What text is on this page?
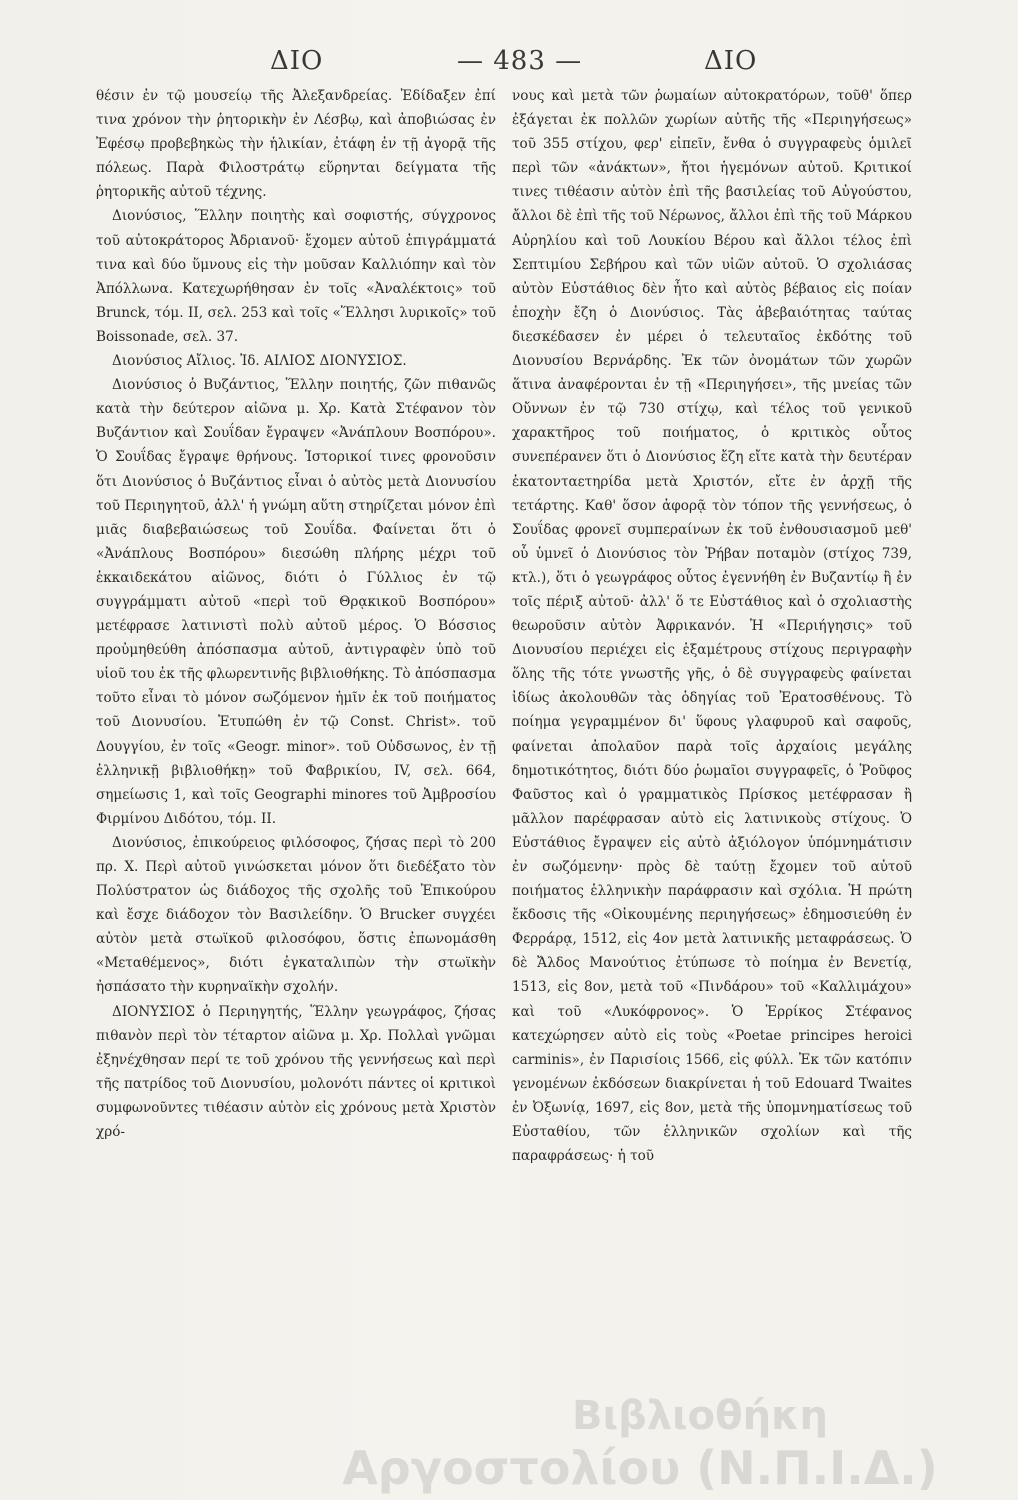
ΔΙΟ	— 483 —	ΔΙΟ

θέσιν ἐν τῷ μουσείῳ τῆς Ἀλεξανδρείας. Ἐδίδαξεν ἐπί τινα χρόνον τὴν ῥητορικὴν ἐν Λέσβῳ, καὶ ἀποβιώσας ἐν Ἐφέσῳ προβεβηκὼς τὴν ἡλικίαν, ἐτάφη ἐν τῇ ἀγορᾷ τῆς πόλεως. Παρὰ Φιλοστράτῳ εὕρηνται δείγματα τῆς ῥητορικῆς αὐτοῦ τέχνης.

Διονύσιος, Ἕλλην ποιητὴς καὶ σοφιστής, σύγχρονος τοῦ αὐτοκράτορος Ἀδριανοῦ· ἔχομεν αὐτοῦ ἐπιγράμματά τινα καὶ δύο ὕμνους εἰς τὴν μοῦσαν Καλλιόπην καὶ τὸν Ἀπόλλωνα. Κατεχωρήθησαν ἐν τοῖς «Ἀναλέκτοις» τοῦ Brunck, τόμ. ΙΙ, σελ. 253 καὶ τοῖς «Ἕλλησι λυρικοῖς» τοῦ Boissonade, σελ. 37.

Διονύσιος Αἴλιος. Ἰδ. ΑΙΛΙΟΣ ΔΙΟΝΥΣΙΟΣ.

Διονύσιος ὁ Βυζάντιος, Ἕλλην ποιητής, ζῶν πιθανῶς κατὰ τὴν δεύτερον αἰῶνα μ. Χρ. Κατὰ Στέφανον τὸν Βυζάντιον καὶ Σουΐδαν ἔγραψεν «Ἀνάπλουν Βοσπόρου». Ὁ Σουΐδας ἔγραψε θρήνους. Ἱστορικοί τινες φρονοῦσιν ὅτι Διονύσιος ὁ Βυζάντιος εἶναι ὁ αὐτὸς μετὰ Διονυσίου τοῦ Περιηγητοῦ, ἀλλ' ἡ γνώμη αὕτη στηρίζεται μόνον ἐπὶ μιᾶς διαβεβαιώσεως τοῦ Σουΐδα. Φαίνεται ὅτι ὁ «Ἀνάπλους Βοσπόρου» διεσώθη πλήρης μέχρι τοῦ ἑκκαιδεκάτου αἰῶνος, διότι ὁ Γύλλιος ἐν τῷ συγγράμματι αὐτοῦ «περὶ τοῦ Θρᾳκικοῦ Βοσπόρου» μετέφρασε λατινιστὶ πολὺ αὐτοῦ μέρος. Ὁ Βόσσιος προὐμηθεύθη ἀπόσπασμα αὐτοῦ, ἀντιγραφὲν ὑπὸ τοῦ υἱοῦ του ἐκ τῆς φλωρεντινῆς βιβλιοθήκης. Τὸ ἀπόσπασμα τοῦτο εἶναι τὸ μόνον σωζόμενον ἡμῖν ἐκ τοῦ ποιήματος τοῦ Διονυσίου. Ἐτυπώθη ἐν τῷ Const. Christ». τοῦ Δουγγίου, ἐν τοῖς «Geogr. minor». τοῦ Οὐδσωνος, ἐν τῇ ἑλληνικῇ βιβλιοθήκῃ» τοῦ Φαβρικίου, IV, σελ. 664, σημείωσις 1, καὶ τοῖς Geographi minores τοῦ Ἀμβροσίου Φιρμίνου Διδότου, τόμ. ΙΙ.

Διονύσιος, ἐπικούρειος φιλόσοφος, ζήσας περὶ τὸ 200 πρ. Χ. Περὶ αὐτοῦ γινώσκεται μόνον ὅτι διεδέξατο τὸν Πολύστρατον ὡς διάδοχος τῆς σχολῆς τοῦ Ἐπικούρου καὶ ἔσχε διάδοχον τὸν Βασιλείδην. Ὁ Brucker συγχέει αὐτὸν μετὰ στωϊκοῦ φιλοσόφου, ὅστις ἐπωνομάσθη «Μεταθέμενος», διότι ἐγκαταλιπὼν τὴν στωϊκὴν ἠσπάσατο τὴν κυρηναϊκὴν σχολήν.

ΔΙΟΝΥΣΙΟΣ ὁ Περιηγητής, Ἕλλην γεωγράφος, ζήσας πιθανὸν περὶ τὸν τέταρτον αἰῶνα μ. Χρ. Πολλαὶ γνῶμαι ἐξηνέχθησαν περί τε τοῦ χρόνου τῆς γεννήσεως καὶ περὶ τῆς πατρίδος τοῦ Διονυσίου, μολονότι πάντες οἱ κριτικοὶ συμφωνοῦντες τιθέασιν αὐτὸν εἰς χρόνους μετὰ Χριστὸν χρό-

νους καὶ μετὰ τῶν ῥωμαίων αὐτοκρατόρων, τοῦθ' ὅπερ ἐξάγεται ἐκ πολλῶν χωρίων αὐτῆς τῆς «Περιηγήσεως» τοῦ 355 στίχου, φερ' εἰπεῖν, ἔνθα ὁ συγγραφεὺς ὁμιλεῖ περὶ τῶν «ἀνάκτων», ἤτοι ἡγεμόνων αὐτοῦ. Κριτικοί τινες τιθέασιν αὐτὸν ἐπὶ τῆς βασιλείας τοῦ Αὐγούστου, ἄλλοι δὲ ἐπὶ τῆς τοῦ Νέρωνος, ἄλλοι ἐπὶ τῆς τοῦ Μάρκου Αὐρηλίου καὶ τοῦ Λουκίου Βέρου καὶ ἄλλοι τέλος ἐπὶ Σεπτιμίου Σεβήρου καὶ τῶν υἱῶν αὐτοῦ. Ὁ σχολιάσας αὐτὸν Εὐστάθιος δὲν ἦτο καὶ αὐτὸς βέβαιος εἰς ποίαν ἐποχὴν ἔζη ὁ Διονύσιος. Τὰς ἀβεβαιότητας ταύτας διεσκέδασεν ἐν μέρει ὁ τελευταῖος ἐκδότης τοῦ Διονυσίου Βερνάρδης. Ἐκ τῶν ὀνομάτων τῶν χωρῶν ἅτινα ἀναφέρονται ἐν τῇ «Περιηγήσει», τῆς μνείας τῶν Οὔννων ἐν τῷ 730 στίχῳ, καὶ τέλος τοῦ γενικοῦ χαρακτῆρος τοῦ ποιήματος, ὁ κριτικὸς οὗτος συνεπέρανεν ὅτι ὁ Διονύσιος ἔζη εἴτε κατὰ τὴν δευτέραν ἑκατονταετηρίδα μετὰ Χριστόν, εἴτε ἐν ἀρχῇ τῆς τετάρτης. Καθ' ὅσον ἀφορᾷ τὸν τόπον τῆς γεννήσεως, ὁ Σουΐδας φρονεῖ συμπεραίνων ἐκ τοῦ ἐνθουσιασμοῦ μεθ' οὗ ὑμνεῖ ὁ Διονύσιος τὸν Ῥήβαν ποταμὸν (στίχος 739, κτλ.), ὅτι ὁ γεωγράφος οὗτος ἐγεννήθη ἐν Βυζαντίῳ ἢ ἐν τοῖς πέριξ αὐτοῦ· ἀλλ' ὅ τε Εὐστάθιος καὶ ὁ σχολιαστὴς θεωροῦσιν αὐτὸν Ἀφρικανόν. Ἡ «Περιήγησις» τοῦ Διονυσίου περιέχει εἰς ἑξαμέτρους στίχους περιγραφὴν ὅλης τῆς τότε γνωστῆς γῆς, ὁ δὲ συγγραφεὺς φαίνεται ἰδίως ἀκολουθῶν τὰς ὁδηγίας τοῦ Ἐρατοσθένους. Τὸ ποίημα γεγραμμένον δι' ὕφους γλαφυροῦ καὶ σαφοῦς, φαίνεται ἀπολαῦον παρὰ τοῖς ἀρχαίοις μεγάλης δημοτικότητος, διότι δύο ῥωμαῖοι συγγραφεῖς, ὁ Ῥοῦφος Φαῦστος καὶ ὁ γραμματικὸς Πρίσκος μετέφρασαν ἢ μᾶλλον παρέφρασαν αὐτὸ εἰς λατινικοὺς στίχους. Ὁ Εὐστάθιος ἔγραψεν εἰς αὐτὸ ἀξιόλογον ὑπόμνημάτισιν ἐν σωζόμενην· πρὸς δὲ ταύτῃ ἔχομεν τοῦ αὐτοῦ ποιήματος ἑλληνικὴν παράφρασιν καὶ σχόλια. Ἡ πρώτη ἔκδοσις τῆς «Οἰκουμένης περιηγήσεως» ἐδημοσιεύθη ἐν Φερράρᾳ, 1512, εἰς 4ον μετὰ λατινικῆς μεταφράσεως. Ὁ δὲ Ἄλδος Μανούτιος ἐτύπωσε τὸ ποίημα ἐν Βενετίᾳ, 1513, εἰς 8ον, μετὰ τοῦ «Πινδάρου» τοῦ «Καλλιμάχου» καὶ τοῦ «Λυκόφρονος». Ὁ Ἑρρίκος Στέφανος κατεχώρησεν αὐτὸ εἰς τοὺς «Poetae principes heroici carminis», ἐν Παρισίοις 1566, εἰς φύλλ. Ἐκ τῶν κατόπιν γενομένων ἐκδόσεων διακρίνεται ἡ τοῦ Edouard Twaites ἐν Ὀξωνίᾳ, 1697, εἰς 8ον, μετὰ τῆς ὑπομνηματίσεως τοῦ Εὐσταθίου, τῶν ἑλληνικῶν σχολίων καὶ τῆς παραφράσεως· ἡ τοῦ

Βιβλιοθήκη
Αργοστολίου (Ν.Π.Ι.Δ.)
